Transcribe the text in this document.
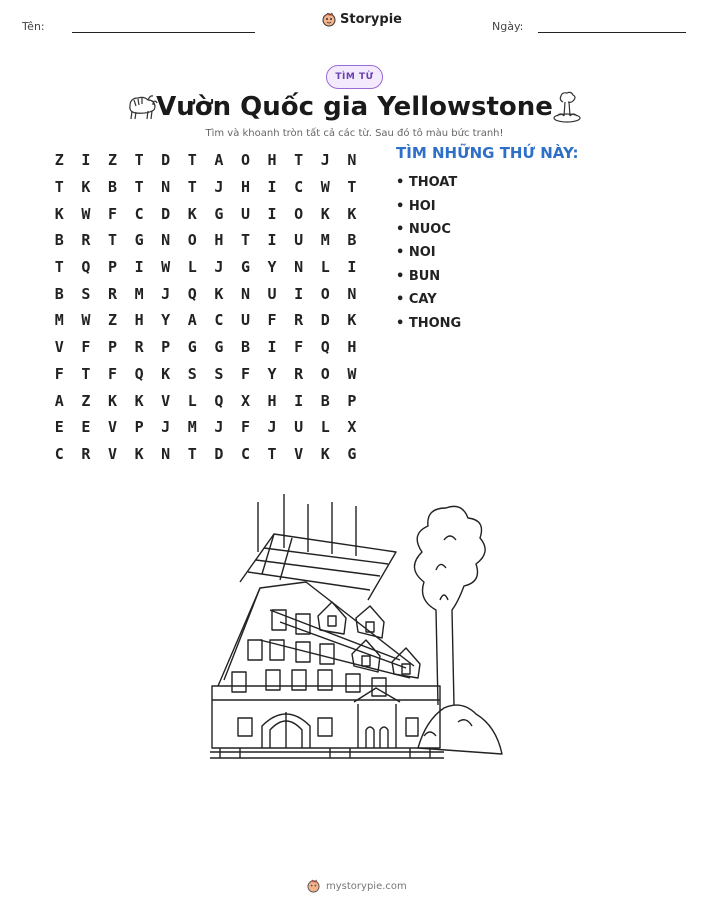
Tên:	Storypie	Ngày:
TÌM TỪ
Vườn Quốc gia Yellowstone
Tìm và khoanh tròn tất cả các từ. Sau đó tô màu bức tranh!
Z	I	Z	T	D	T	A	O	H	T	J	N
T	K	B	T	N	T	J	H	I	C	W	T
K	W	F	C	D	K	G	U	I	O	K	K
B	R	T	G	N	O	H	T	I	U	M	B
T	Q	P	I	W	L	J	G	Y	N	L	I
B	S	R	M	J	Q	K	N	U	I	O	N
M	W	Z	H	Y	A	C	U	F	R	D	K
V	F	P	R	P	G	G	B	I	F	Q	H
F	T	F	Q	K	S	S	F	Y	R	O	W
A	Z	K	K	V	L	Q	X	H	I	B	P
E	E	V	P	J	M	J	F	J	U	L	X
C	R	V	K	N	T	D	C	T	V	K	G
TÌM NHỮNG THỨ NÀY:
• THOAT
• HOI
• NUOC
• NOI
• BUN
• CAY
• THONG
mystorypie.com
